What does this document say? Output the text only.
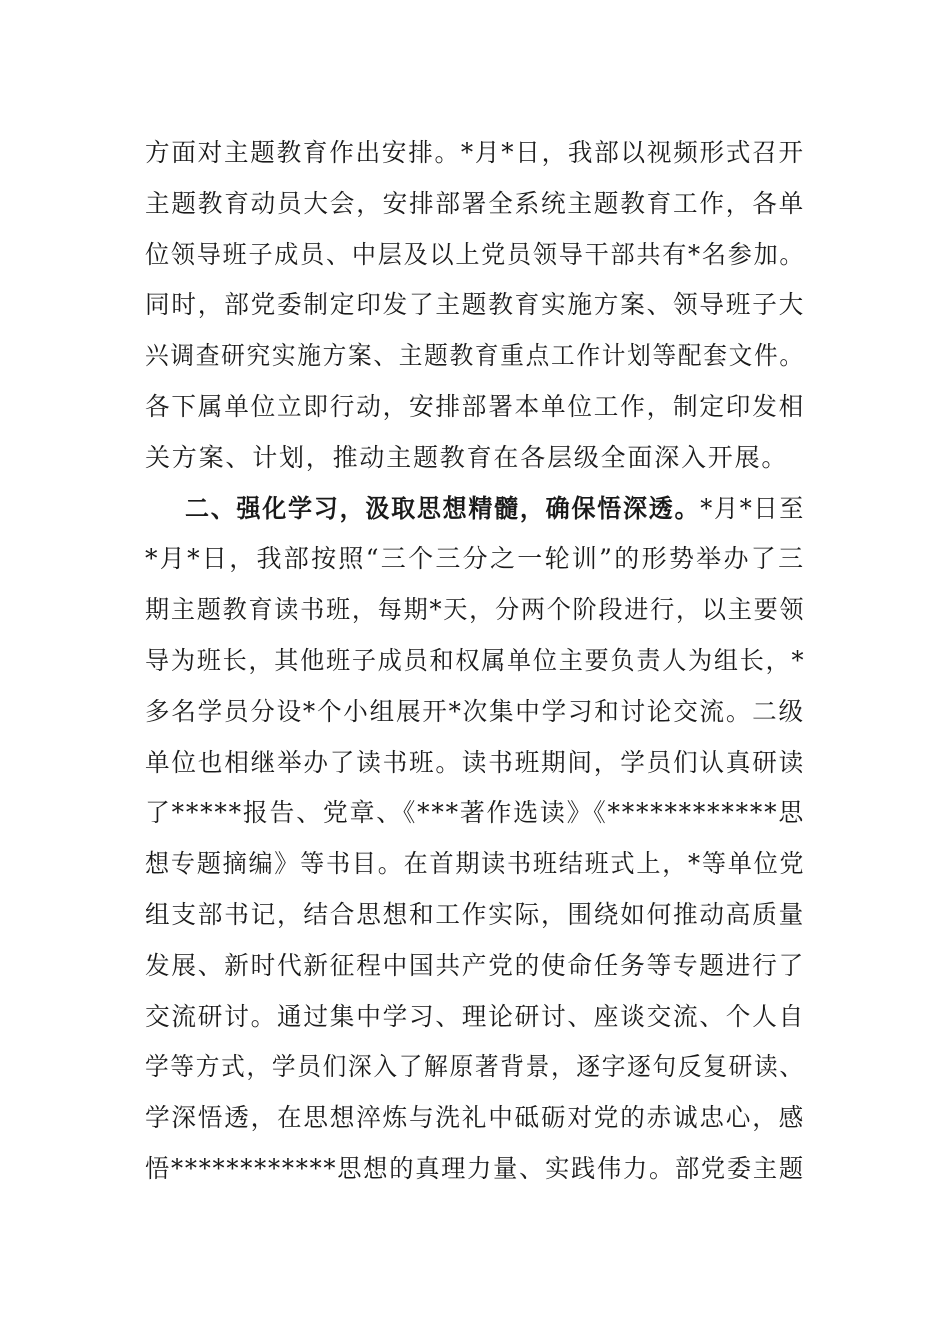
方面对主题教育作出安排。*月*日，我部以视频形式召开
主题教育动员大会，安排部署全系统主题教育工作，各单
位领导班子成员、中层及以上党员领导干部共有*名参加。
同时，部党委制定印发了主题教育实施方案、领导班子大
兴调查研究实施方案、主题教育重点工作计划等配套文件。
各下属单位立即行动，安排部署本单位工作，制定印发相
关方案、计划，推动主题教育在各层级全面深入开展。
二、强化学习，汲取思想精髓，确保悟深透。*月*日至
*月*日，我部按照“三个三分之一轮训”的形势举办了三
期主题教育读书班，每期*天，分两个阶段进行，以主要领
导为班长，其他班子成员和权属单位主要负责人为组长，*
多名学员分设*个小组展开*次集中学习和讨论交流。二级
单位也相继举办了读书班。读书班期间，学员们认真研读
了*****报告、党章、《***著作选读》《************思
想专题摘编》等书目。在首期读书班结班式上，*等单位党
组支部书记，结合思想和工作实际，围绕如何推动高质量
发展、新时代新征程中国共产党的使命任务等专题进行了
交流研讨。通过集中学习、理论研讨、座谈交流、个人自
学等方式，学员们深入了解原著背景，逐字逐句反复研读、
学深悟透，在思想淬炼与洗礼中砥砺对党的赤诚忠心，感
悟************思想的真理力量、实践伟力。部党委主题
